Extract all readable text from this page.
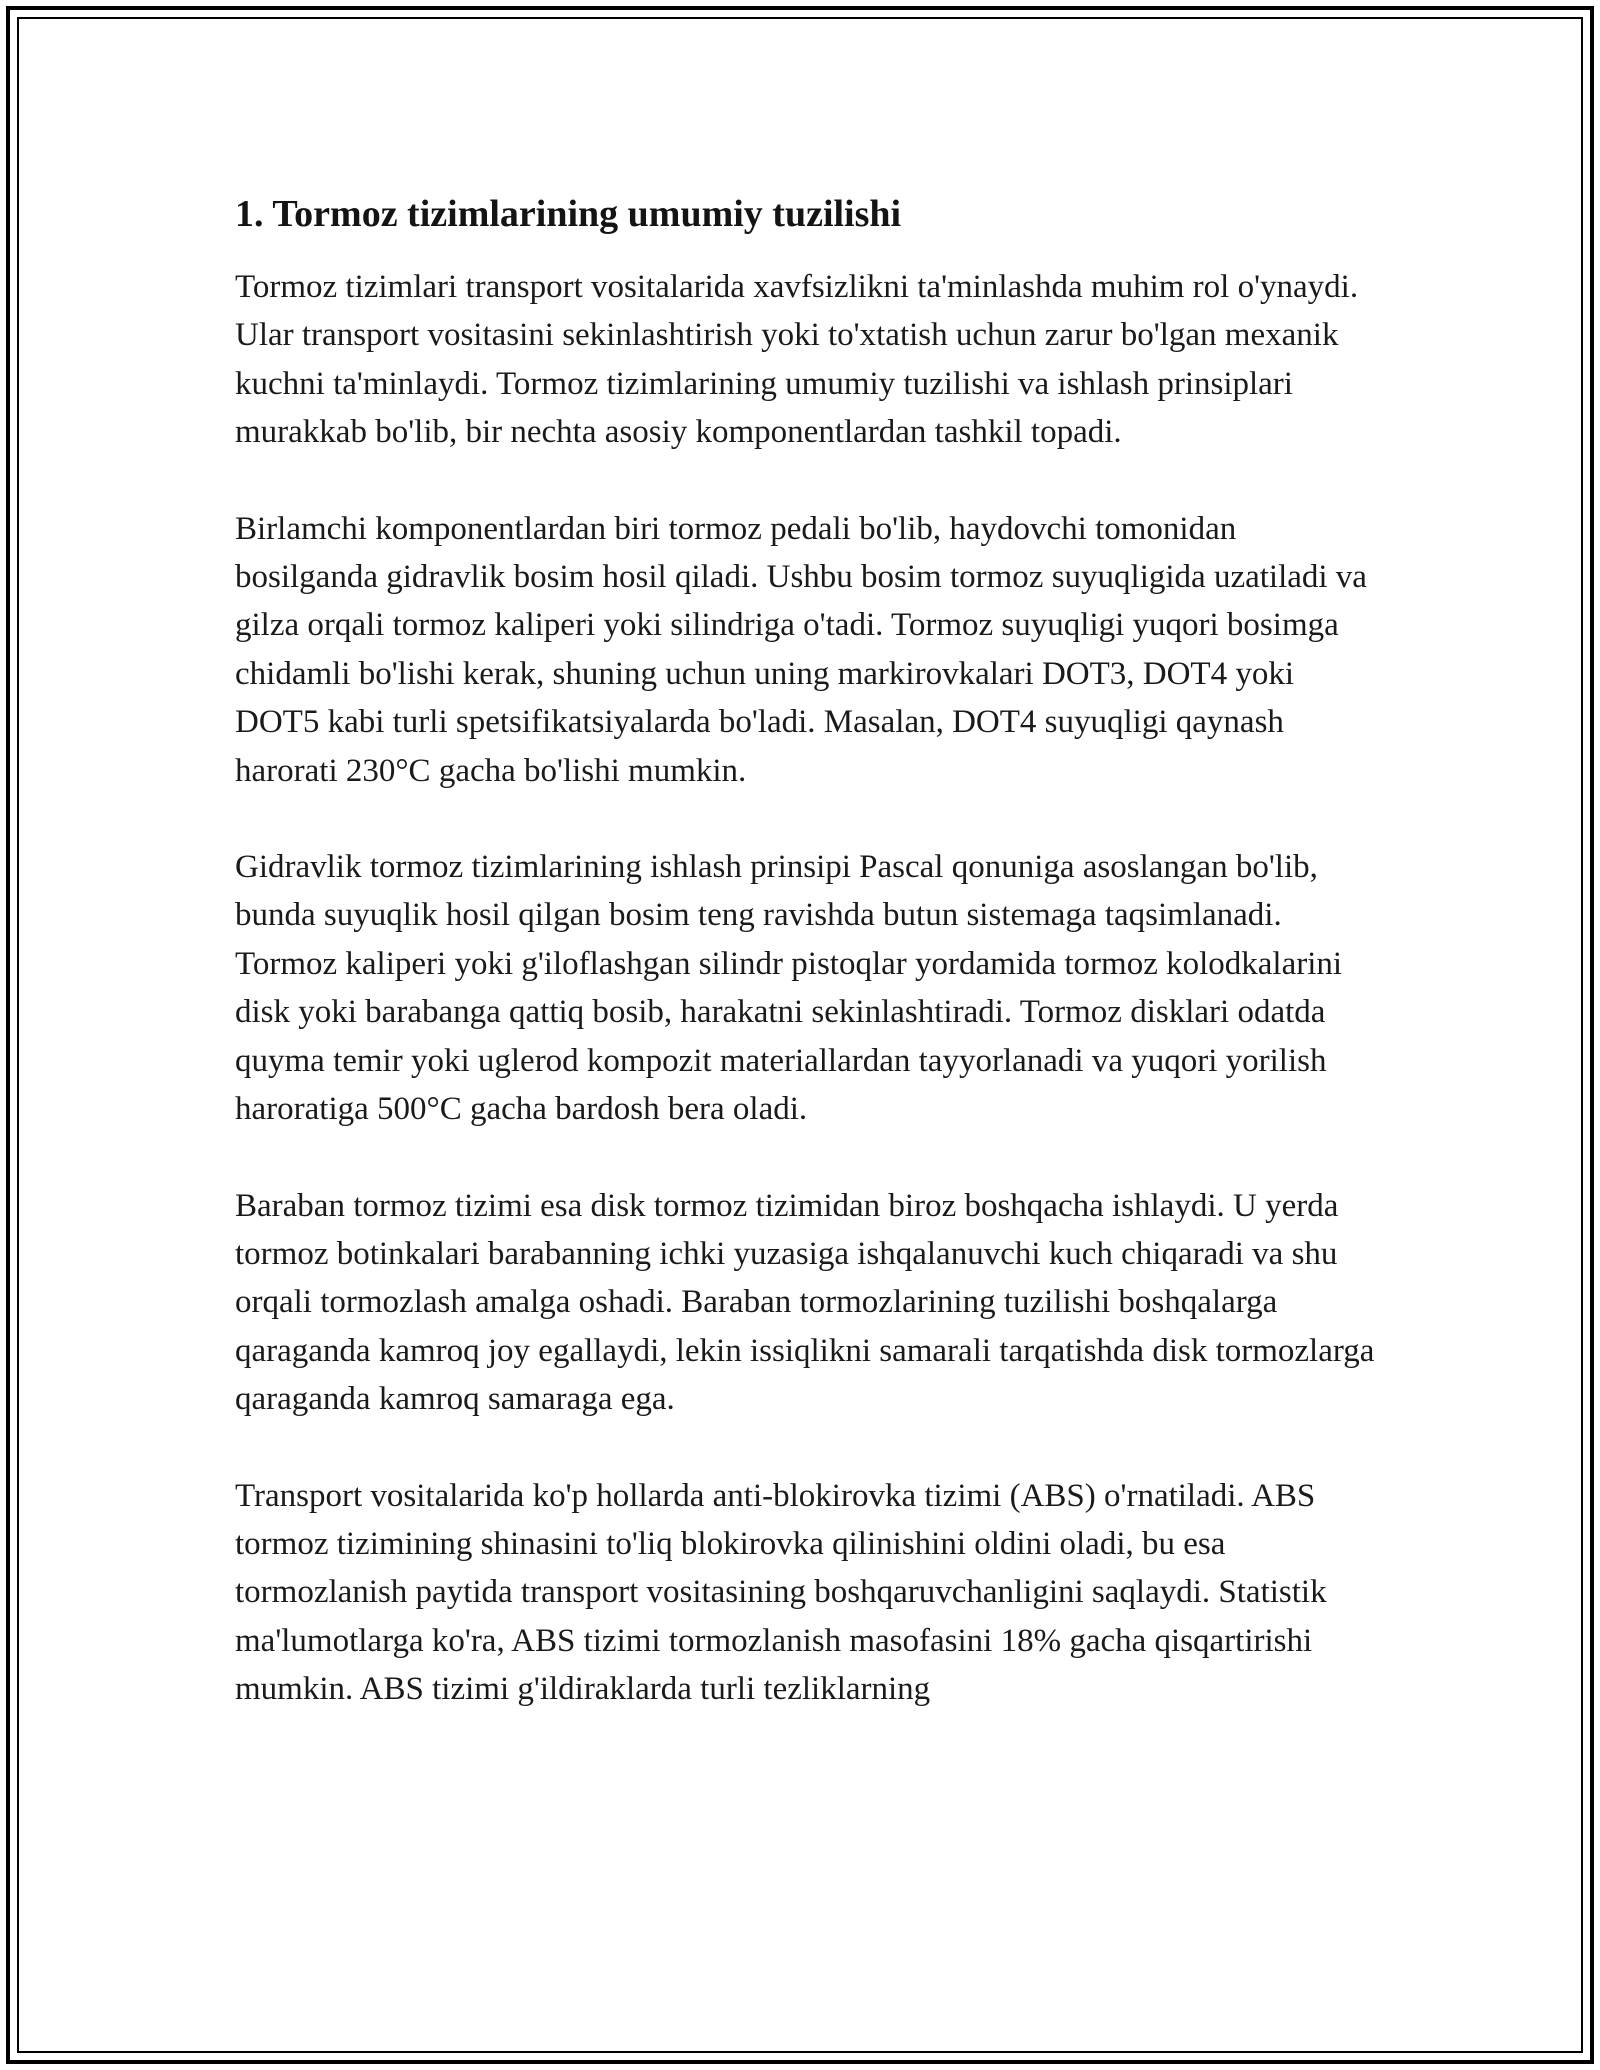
1. Tormoz tizimlarining umumiy tuzilishi

Tormoz tizimlari transport vositalarida xavfsizlikni ta'minlashda muhim rol o'ynaydi. Ular transport vositasini sekinlashtirish yoki to'xtatish uchun zarur bo'lgan mexanik kuchni ta'minlaydi. Tormoz tizimlarining umumiy tuzilishi va ishlash prinsiplari murakkab bo'lib, bir nechta asosiy komponentlardan tashkil topadi.

Birlamchi komponentlardan biri tormoz pedali bo'lib, haydovchi tomonidan bosilganda gidravlik bosim hosil qiladi. Ushbu bosim tormoz suyuqligida uzatiladi va gilza orqali tormoz kaliperi yoki silindriga o'tadi. Tormoz suyuqligi yuqori bosimga chidamli bo'lishi kerak, shuning uchun uning markirovkalari DOT3, DOT4 yoki DOT5 kabi turli spetsifikatsiyalarda bo'ladi. Masalan, DOT4 suyuqligi qaynash harorati 230°C gacha bo'lishi mumkin.

Gidravlik tormoz tizimlarining ishlash prinsipi Pascal qonuniga asoslangan bo'lib, bunda suyuqlik hosil qilgan bosim teng ravishda butun sistemaga taqsimlanadi. Tormoz kaliperi yoki g'iloflashgan silindr pistoqlar yordamida tormoz kolodkalarini disk yoki barabanga qattiq bosib, harakatni sekinlashtiradi. Tormoz disklari odatda quyma temir yoki uglerod kompozit materiallardan tayyorlanadi va yuqori yorilish haroratiga 500°C gacha bardosh bera oladi.

Baraban tormoz tizimi esa disk tormoz tizimidan biroz boshqacha ishlaydi. U yerda tormoz botinkalari barabanning ichki yuzasiga ishqalanuvchi kuch chiqaradi va shu orqali tormozlash amalga oshadi. Baraban tormozlarining tuzilishi boshqalarga qaraganda kamroq joy egallaydi, lekin issiqlikni samarali tarqatishda disk tormozlarga qaraganda kamroq samaraga ega.

Transport vositalarida ko'p hollarda anti-blokirovka tizimi (ABS) o'rnatiladi. ABS tormoz tizimining shinasini to'liq blokirovka qilinishini oldini oladi, bu esa tormozlanish paytida transport vositasining boshqaruvchanligini saqlaydi. Statistik ma'lumotlarga ko'ra, ABS tizimi tormozlanish masofasini 18% gacha qisqartirishi mumkin. ABS tizimi g'ildiraklarda turli tezliklarning
